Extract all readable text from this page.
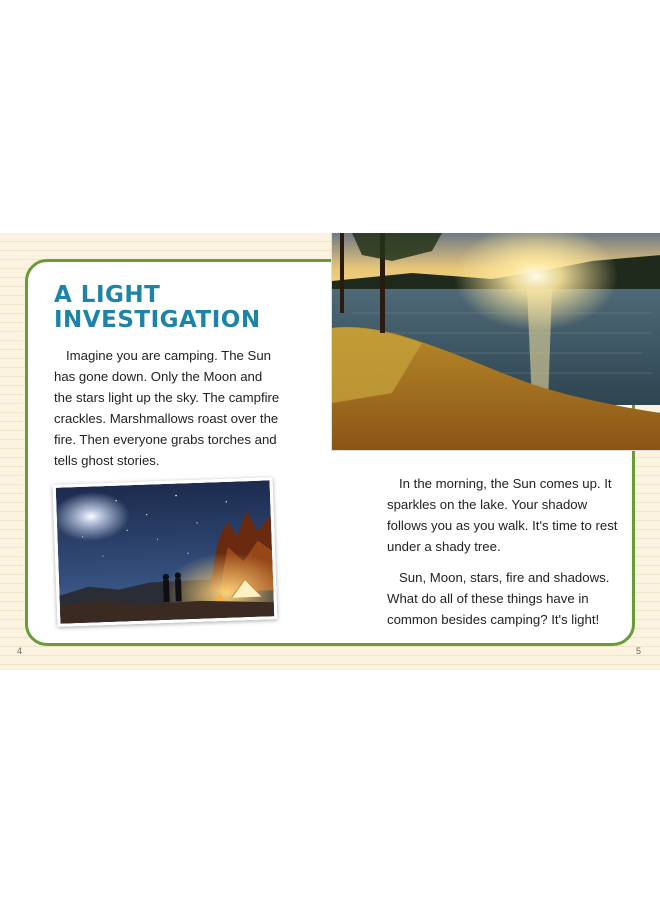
A LIGHT
INVESTIGATION

Imagine you are camping. The Sun has gone down. Only the Moon and the stars light up the sky. The campfire crackles. Marshmallows roast over the fire. Then everyone grabs torches and tells ghost stories.

In the morning, the Sun comes up. It sparkles on the lake. Your shadow follows you as you walk. It's time to rest under a shady tree.

Sun, Moon, stars, fire and shadows. What do all of these things have in common besides camping? It's light!

4	5
